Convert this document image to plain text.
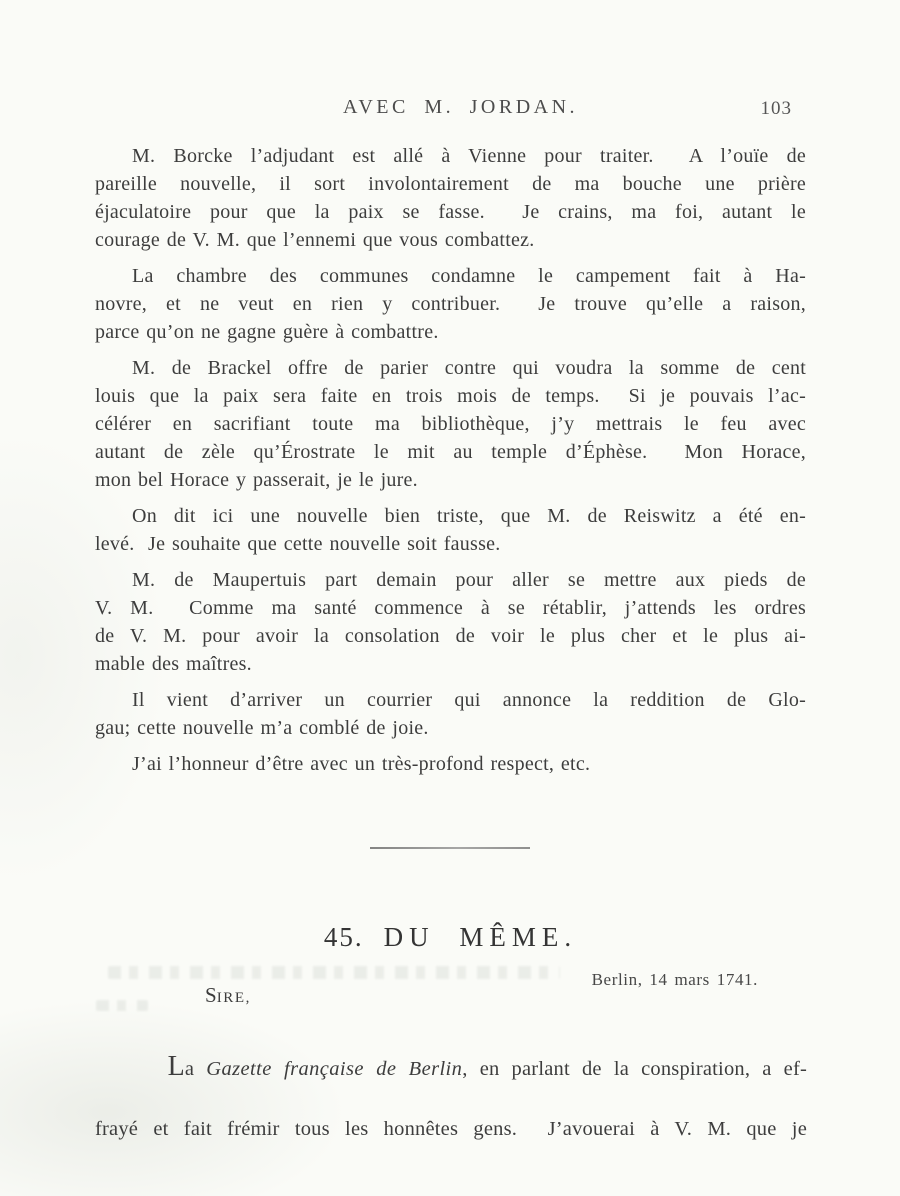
AVEC M. JORDAN.	103
M. Borcke l’adjudant est allé à Vienne pour traiter.  A l’ouïe de
pareille nouvelle, il sort involontairement de ma bouche une prière
éjaculatoire pour que la paix se fasse.  Je crains, ma foi, autant le
courage de V. M. que l’ennemi que vous combattez.
La chambre des communes condamne le campement fait à Ha-
novre, et ne veut en rien y contribuer.  Je trouve qu’elle a raison,
parce qu’on ne gagne guère à combattre.
M. de Brackel offre de parier contre qui voudra la somme de cent
louis que la paix sera faite en trois mois de temps.  Si je pouvais l’ac-
célérer en sacrifiant toute ma bibliothèque, j’y mettrais le feu avec
autant de zèle qu’Érostrate le mit au temple d’Éphèse.  Mon Horace,
mon bel Horace y passerait, je le jure.
On dit ici une nouvelle bien triste, que M. de Reiswitz a été en-
levé.  Je souhaite que cette nouvelle soit fausse.
M. de Maupertuis part demain pour aller se mettre aux pieds de
V. M.  Comme ma santé commence à se rétablir, j’attends les ordres
de V. M. pour avoir la consolation de voir le plus cher et le plus ai-
mable des maîtres.
Il vient d’arriver un courrier qui annonce la reddition de Glo-
gau; cette nouvelle m’a comblé de joie.
J’ai l’honneur d’être avec un très-profond respect, etc.
45. DU MÊME.
Berlin, 14 mars 1741.
SIRE,

La Gazette française de Berlin, en parlant de la conspiration, a ef-

frayé et fait frémir tous les honnêtes gens.  J’avouerai à V. M. que je
